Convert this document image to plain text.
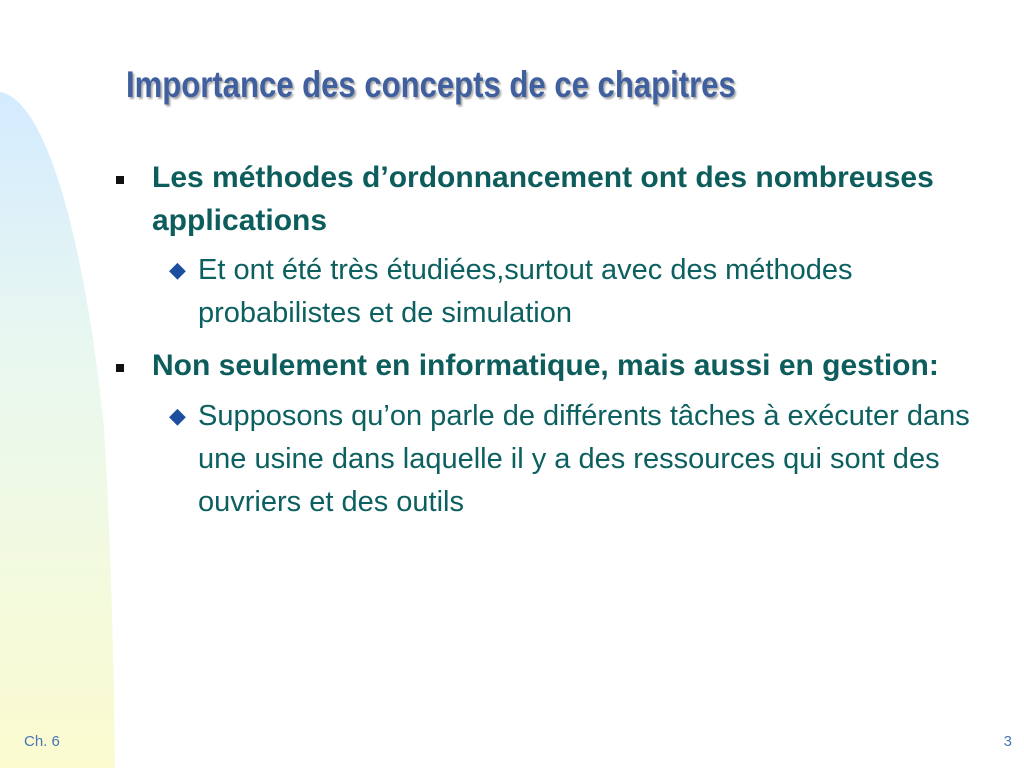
Importance des concepts de ce chapitres
Les méthodes d’ordonnancement ont des nombreuses applications
◆ Et ont été très étudiées,surtout avec des méthodes probabilistes et de simulation
Non seulement en informatique, mais aussi en gestion:
◆ Supposons qu’on parle de différents tâches à exécuter dans une usine dans laquelle il y a des ressources qui sont des ouvriers et des outils
Ch. 6	3
